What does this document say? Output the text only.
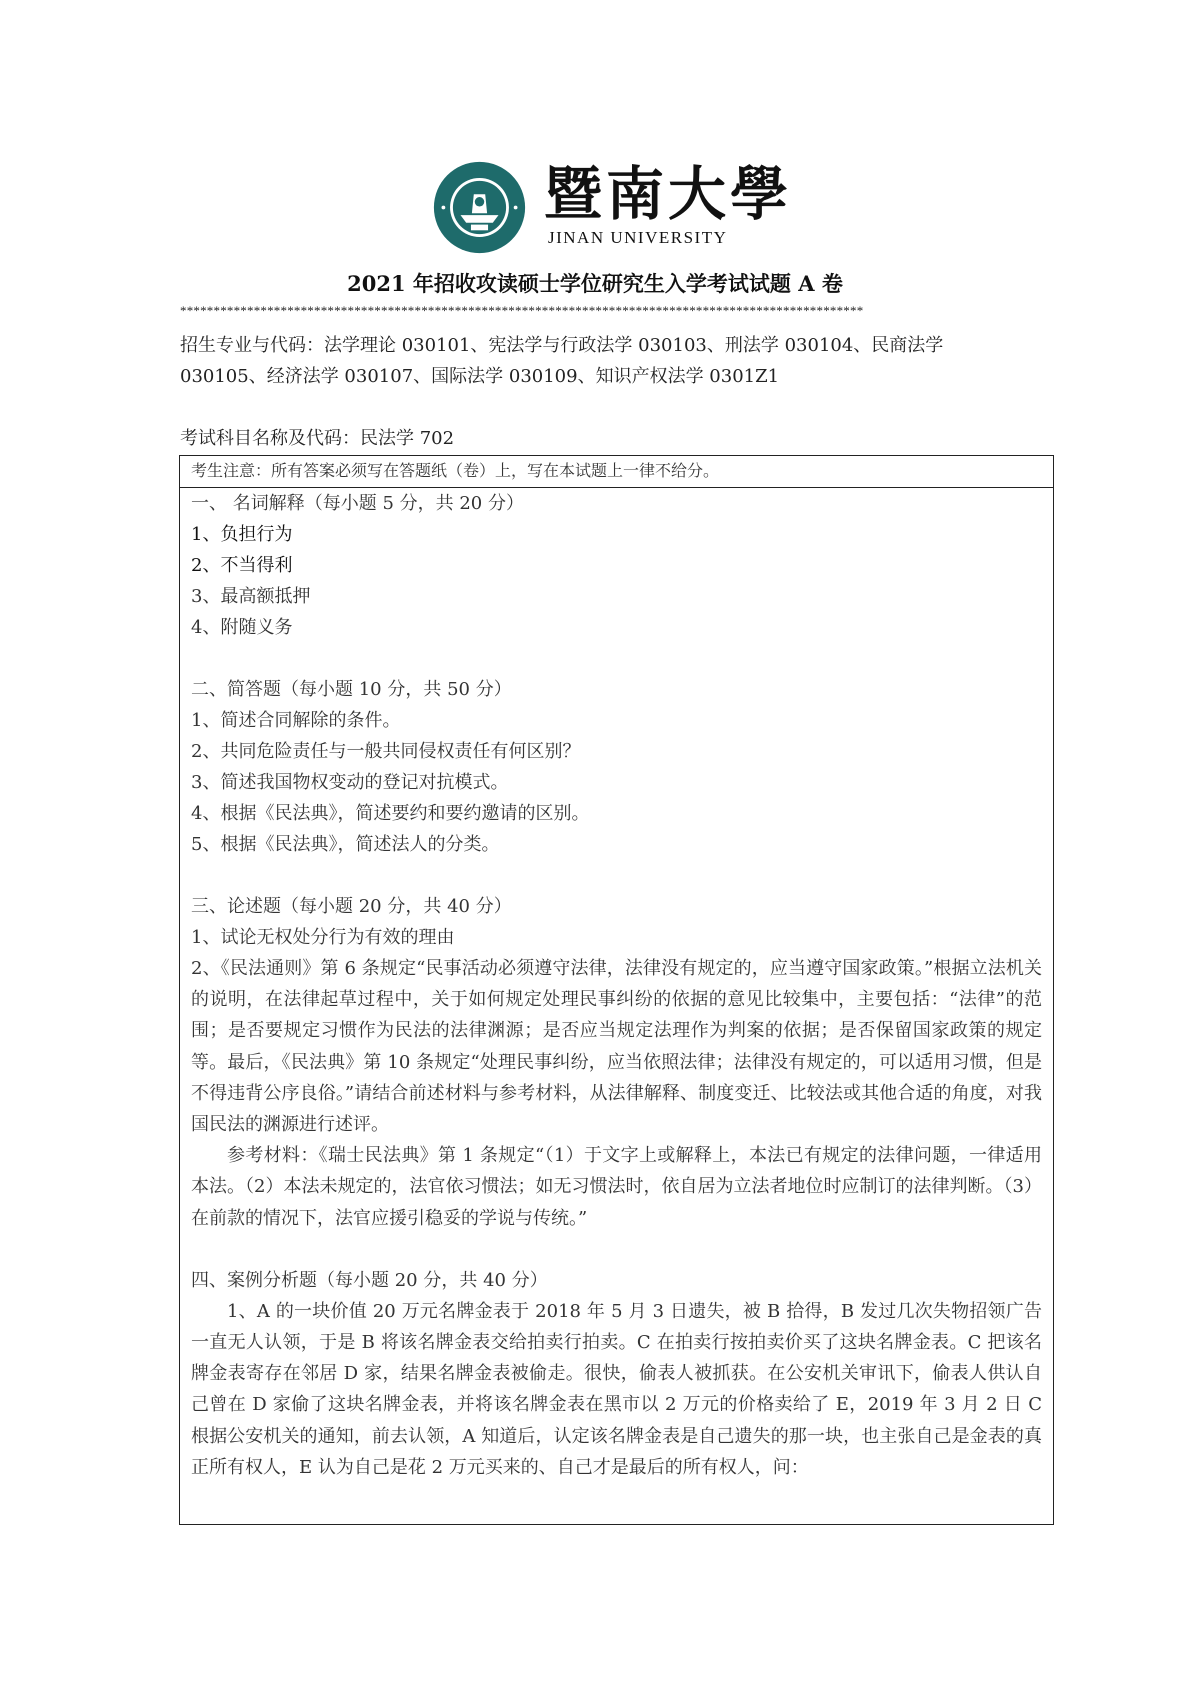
暨南大學
JINAN UNIVERSITY
2021 年招收攻读硕士学位研究生入学考试试题 A 卷
******************************************************************************************************
招生专业与代码：法学理论 030101、宪法学与行政法学 030103、刑法学 030104、民商法学 030105、经济法学 030107、国际法学 030109、知识产权法学 0301Z1
考试科目名称及代码：民法学 702
考生注意：所有答案必须写在答题纸（卷）上，写在本试题上一律不给分。
一、 名词解释（每小题 5 分，共 20 分）
1、负担行为
2、不当得利
3、最高额抵押
4、附随义务
二、简答题（每小题 10 分，共 50 分）
1、简述合同解除的条件。
2、共同危险责任与一般共同侵权责任有何区别？
3、简述我国物权变动的登记对抗模式。
4、根据《民法典》，简述要约和要约邀请的区别。
5、根据《民法典》，简述法人的分类。
三、论述题（每小题 20 分，共 40 分）
1、试论无权处分行为有效的理由
2、《民法通则》第 6 条规定“民事活动必须遵守法律，法律没有规定的，应当遵守国家政策。”根据立法机关的说明，在法律起草过程中，关于如何规定处理民事纠纷的依据的意见比较集中，主要包括：“法律”的范围；是否要规定习惯作为民法的法律渊源；是否应当规定法理作为判案的依据；是否保留国家政策的规定等。最后，《民法典》第 10 条规定“处理民事纠纷，应当依照法律；法律没有规定的，可以适用习惯，但是不得违背公序良俗。”请结合前述材料与参考材料，从法律解释、制度变迁、比较法或其他合适的角度，对我国民法的渊源进行述评。
参考材料：《瑞士民法典》第 1 条规定“（1）于文字上或解释上，本法已有规定的法律问题，一律适用本法。（2）本法未规定的，法官依习惯法；如无习惯法时，依自居为立法者地位时应制订的法律判断。（3）在前款的情况下，法官应援引稳妥的学说与传统。”
四、案例分析题（每小题 20 分，共 40 分）
1、A 的一块价值 20 万元名牌金表于 2018 年 5 月 3 日遗失，被 B 拾得，B 发过几次失物招领广告一直无人认领，于是 B 将该名牌金表交给拍卖行拍卖。C 在拍卖行按拍卖价买了这块名牌金表。C 把该名牌金表寄存在邻居 D 家，结果名牌金表被偷走。很快，偷表人被抓获。在公安机关审讯下，偷表人供认自己曾在 D 家偷了这块名牌金表，并将该名牌金表在黑市以 2 万元的价格卖给了 E，2019 年 3 月 2 日 C 根据公安机关的通知，前去认领，A 知道后，认定该名牌金表是自己遗失的那一块，也主张自己是金表的真正所有权人，E 认为自己是花 2 万元买来的、自己才是最后的所有权人，问：
